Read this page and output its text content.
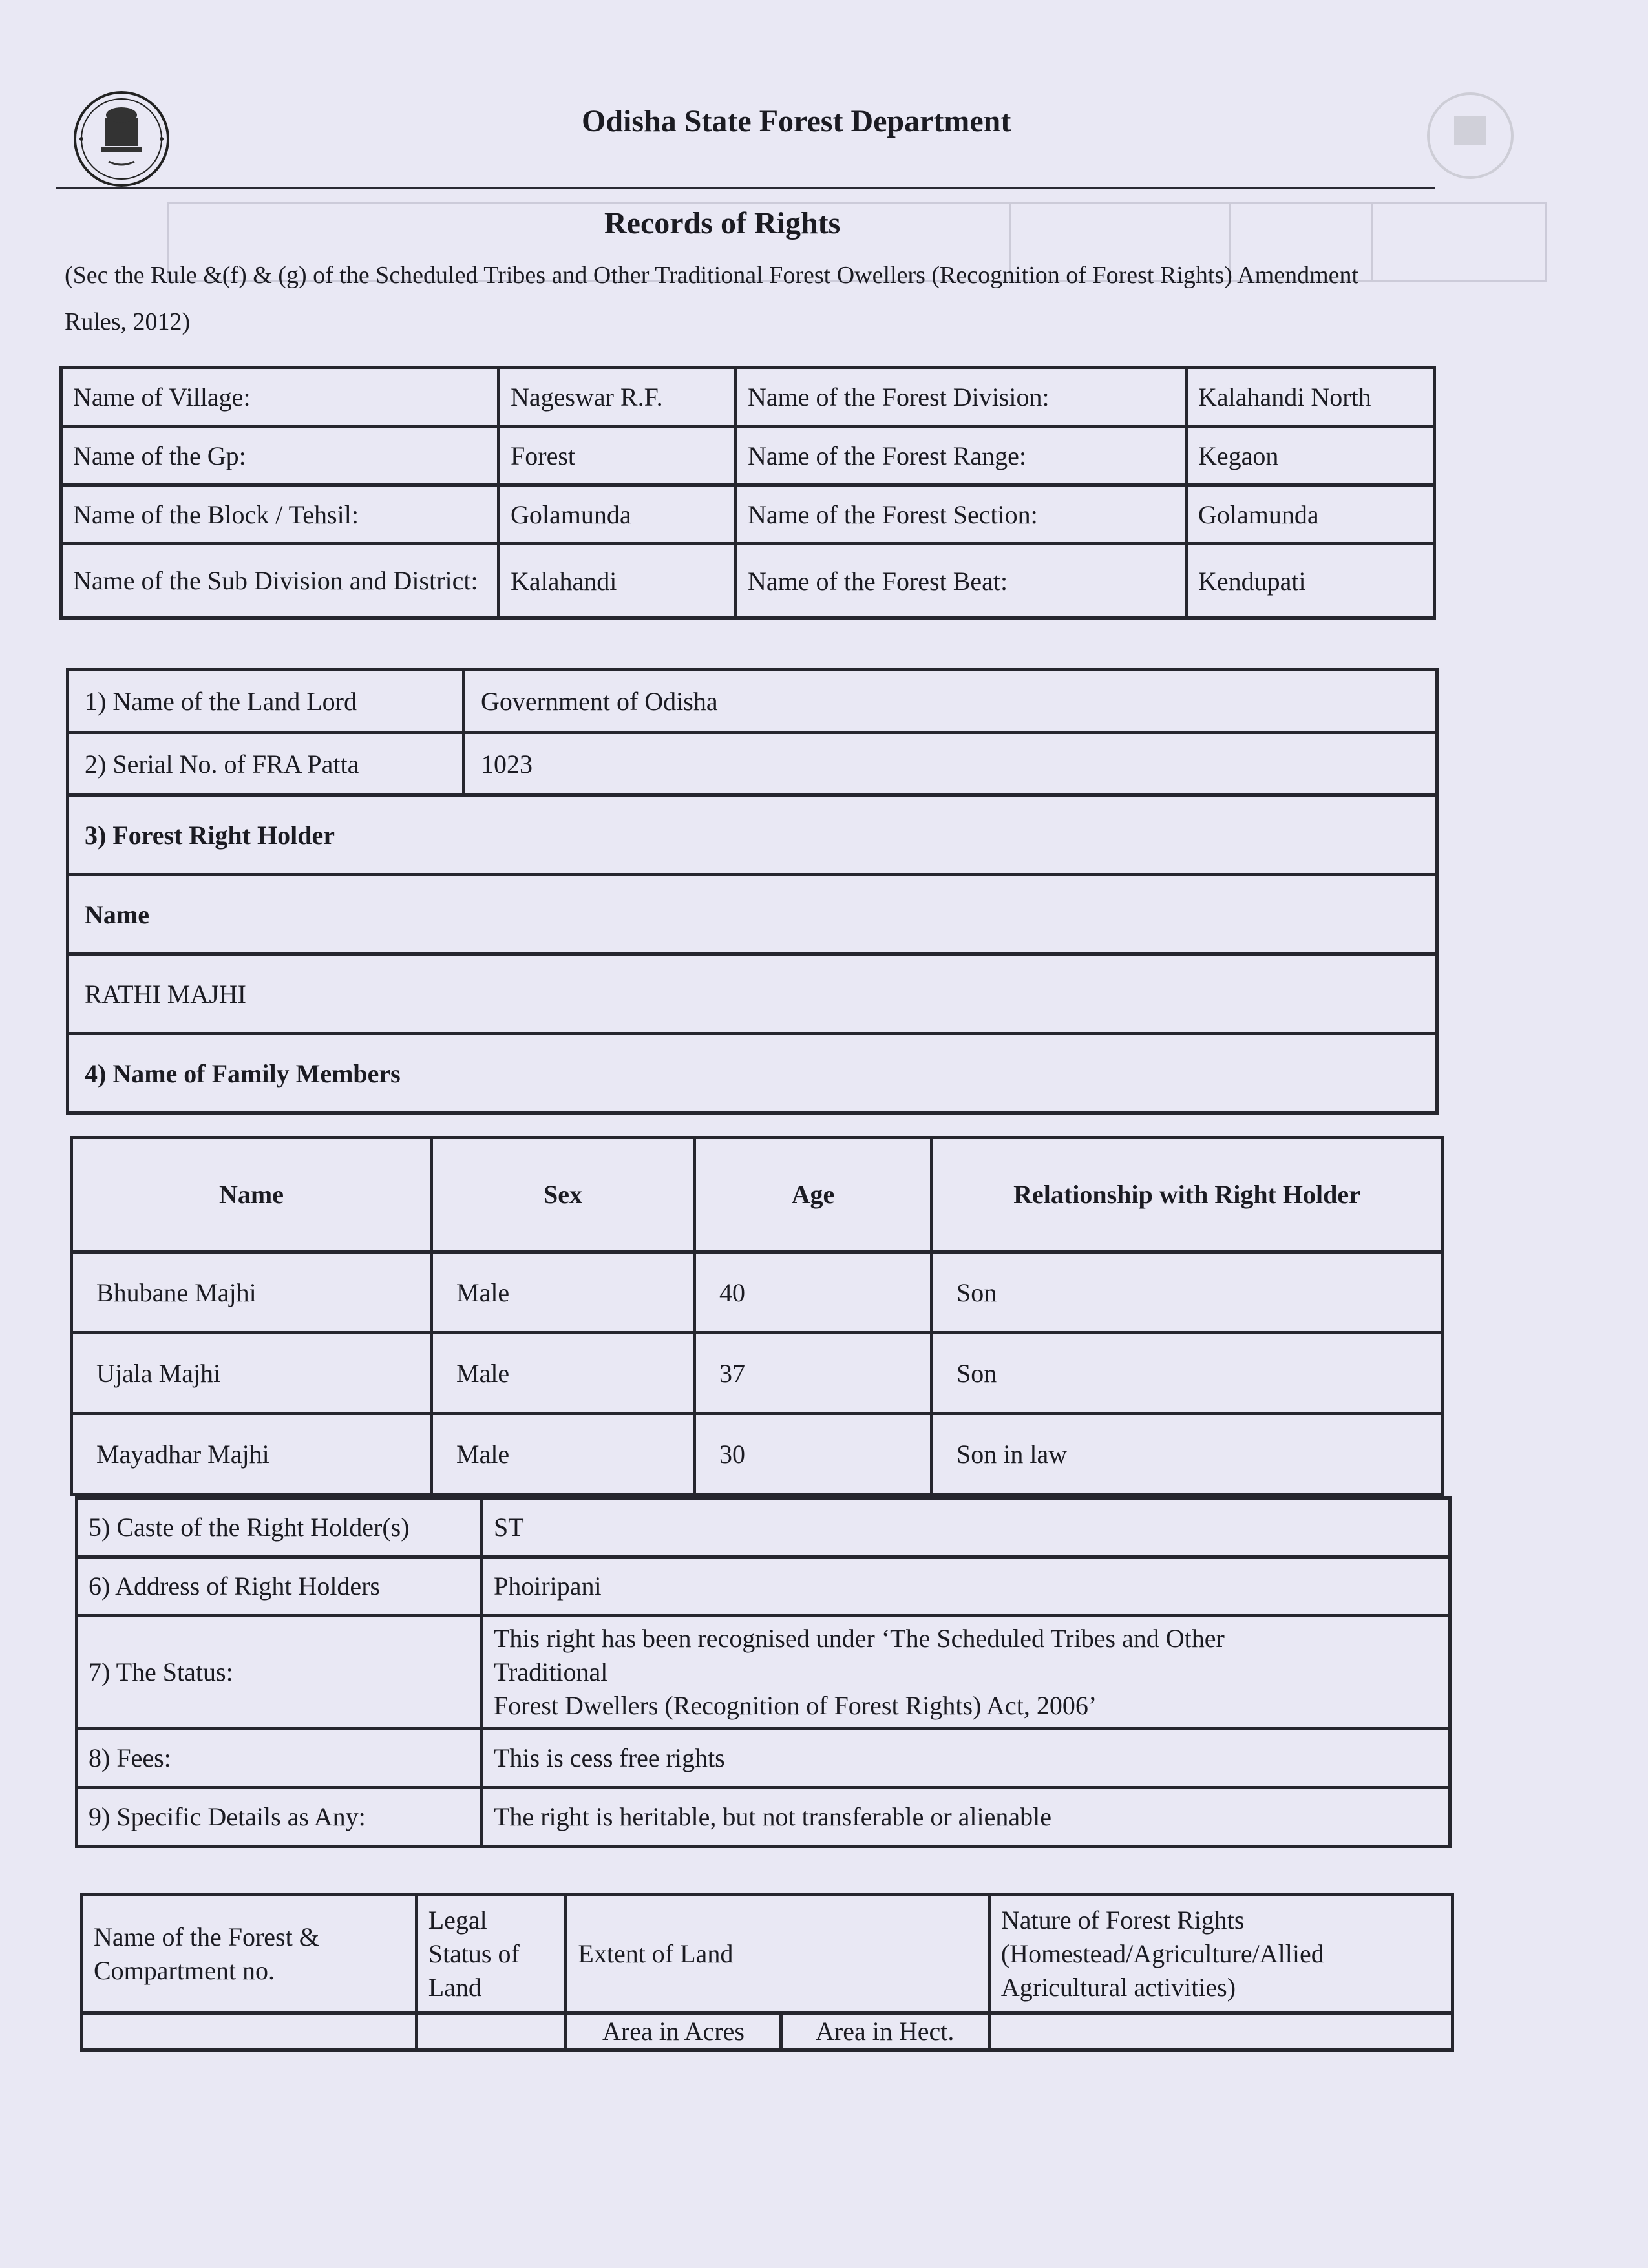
Odisha State Forest Department
Records of Rights
(Sec the Rule &(f) & (g) of the Scheduled Tribes and Other Traditional Forest Owellers (Recognition of Forest Rights) Amendment Rules, 2012)
Name of Village:	Nageswar R.F.	Name of the Forest Division:	Kalahandi North
Name of the Gp:	Forest	Name of the Forest Range:	Kegaon
Name of the Block / Tehsil:	Golamunda	Name of the Forest Section:	Golamunda
Name of the Sub Division and District:	Kalahandi	Name of the Forest Beat:	Kendupati
1) Name of the Land Lord	Government of Odisha
2) Serial No. of FRA Patta	1023
3) Forest Right Holder	
Name	
RATHI MAJHI	
4) Name of Family Members	
Name	Sex	Age	Relationship with Right Holder
Bhubane Majhi	Male	40	Son
Ujala Majhi	Male	37	Son
Mayadhar Majhi	Male	30	Son in law
5) Caste of the Right Holder(s)	ST
6) Address of Right Holders	Phoiripani
7) The Status:	This right has been recognised under ‘The Scheduled Tribes and Other
Traditional
Forest Dwellers (Recognition of Forest Rights) Act, 2006’

8) Fees:	This is cess free rights
9) Specific Details as Any:	The right is heritable, but not transferable or alienable
Name of the Forest & Compartment no.	Legal Status of Land	Extent of Land		Nature of Forest Rights (Homestead/Agriculture/Allied Agricultural activities)
		Area in Acres	Area in Hect.	
